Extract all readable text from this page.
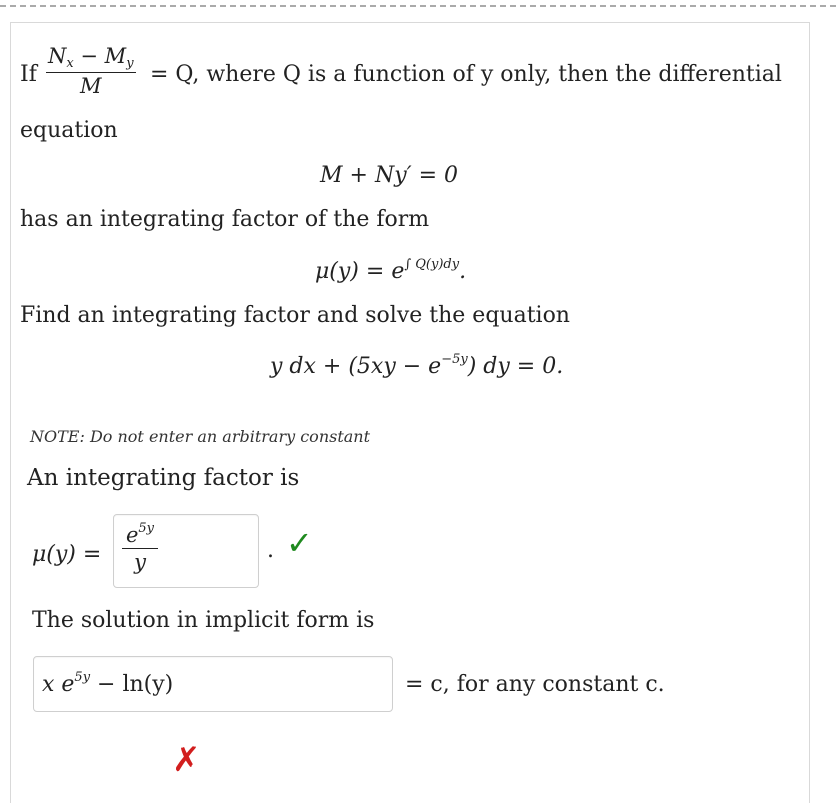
If
$N_x - M_y$
M	= Q, where Q is a function of y only, then the differential
equation
M + Ny′ = 0
has an integrating factor of the form
$\mu(y) = e^{\int Q(y)dy}$.
Find an integrating factor and solve the equation
y dx + $(5xy - e^{-5y})$ dy = 0.
NOTE: Do not enter an arbitrary constant
An integrating factor is
μ(y) =
$e^{5y}$
y	. ✓
The solution in implicit form is
x $e^{5y} - \ln(y)$	= c, for any constant c.
✗
